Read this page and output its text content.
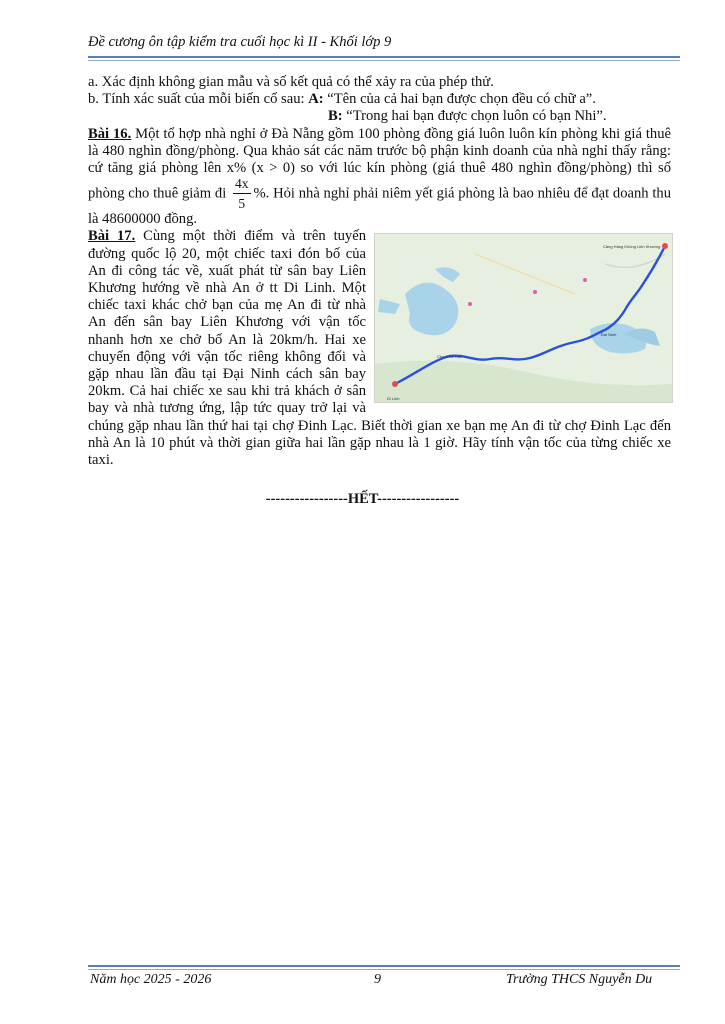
Đề cương ôn tập kiểm tra cuối học kì II - Khối lớp 9

a. Xác định không gian mẫu và số kết quả có thể xảy ra của phép thử.

b. Tính xác suất của mỗi biến cố sau: A: “Tên của cả hai bạn được chọn đều có chữ a”.

B: “Trong hai bạn được chọn luôn có bạn Nhi”.

Bài 16. Một tổ hợp nhà nghỉ ở Đà Nẵng gồm 100 phòng đồng giá luôn luôn kín phòng khi giá thuê là 480 nghìn đồng/phòng. Qua khảo sát các năm trước bộ phận kinh doanh của nhà nghỉ thấy rằng: cứ tăng giá phòng lên x% (x > 0) so với lúc kín phòng (giá thuê 480 nghìn đồng/phòng) thì số phòng cho thuê giảm đi $\frac{4x}{5}$ %. Hỏi nhà nghỉ phải niêm yết giá phòng là bao nhiêu để đạt doanh thu là 48600000 đồng.

Cảng Hàng Không Liên Khương
Đại Ninh
Chợ Đinh Lạc
Di Linh
Bài 17. Cùng một thời điểm và trên tuyến đường quốc lộ 20, một chiếc taxi đón bố của An đi công tác về, xuất phát từ sân bay Liên Khương hướng về nhà An ở tt Di Linh. Một chiếc taxi khác chở bạn của mẹ An đi từ nhà An đến sân bay Liên Khương với vận tốc nhanh hơn xe chở bố An là 20km/h. Hai xe chuyển động với vận tốc riêng không đổi và gặp nhau lần đầu tại Đại Ninh cách sân bay 20km. Cả hai chiếc xe sau khi trả khách ở sân bay và nhà tương ứng, lập tức quay trở lại và chúng gặp nhau lần thứ hai tại chợ Đinh Lạc. Biết thời gian xe bạn mẹ An đi từ chợ Đinh Lạc đến nhà An là 10 phút và thời gian giữa hai lần gặp nhau là 1 giờ. Hãy tính vận tốc của từng chiếc xe taxi.

-----------------HẾT-----------------
Năm học 2025 - 2026	9	Trường THCS Nguyễn Du
